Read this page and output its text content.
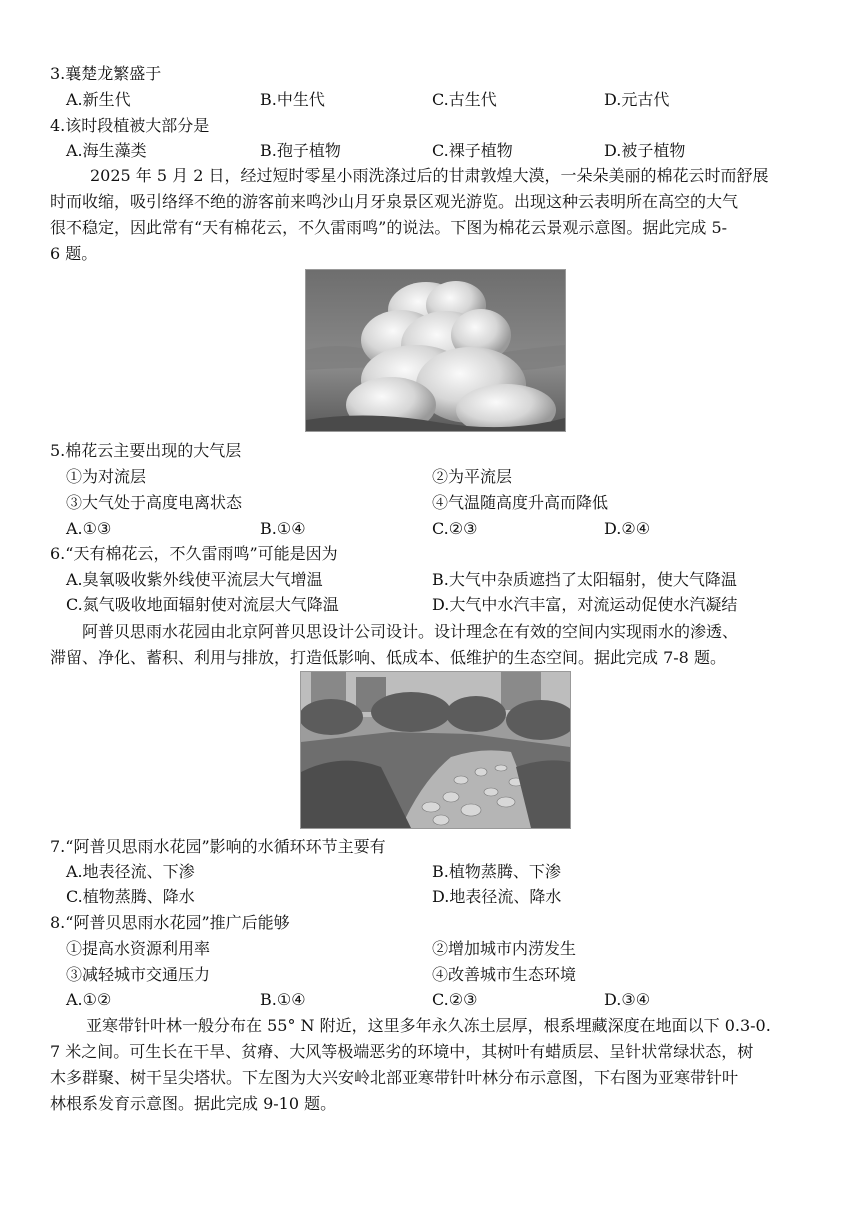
3.襄楚龙繁盛于
A.新生代	B.中生代	C.古生代	D.元古代
4.该时段植被大部分是
A.海生藻类	B.孢子植物	C.裸子植物	D.被子植物
2025 年 5 月 2 日，经过短时零星小雨洗涤过后的甘肃敦煌大漠，一朵朵美丽的棉花云时而舒展
时而收缩，吸引络绎不绝的游客前来鸣沙山月牙泉景区观光游览。出现这种云表明所在高空的大气
很不稳定，因此常有“天有棉花云，不久雷雨鸣”的说法。下图为棉花云景观示意图。据此完成 5-
6 题。
5.棉花云主要出现的大气层
①为对流层	②为平流层
③大气处于高度电离状态	④气温随高度升高而降低
A.①③	B.①④	C.②③	D.②④
6.“天有棉花云，不久雷雨鸣”可能是因为
A.臭氧吸收紫外线使平流层大气增温	B.大气中杂质遮挡了太阳辐射，使大气降温
C.氮气吸收地面辐射使对流层大气降温	D.大气中水汽丰富，对流运动促使水汽凝结
阿普贝思雨水花园由北京阿普贝思设计公司设计。设计理念在有效的空间内实现雨水的渗透、
滞留、净化、蓄积、利用与排放，打造低影响、低成本、低维护的生态空间。据此完成 7-8 题。
7.“阿普贝思雨水花园”影响的水循环环节主要有
A.地表径流、下渗	B.植物蒸腾、下渗
C.植物蒸腾、降水	D.地表径流、降水
8.“阿普贝思雨水花园”推广后能够
①提高水资源利用率	②增加城市内涝发生
③减轻城市交通压力	④改善城市生态环境
A.①②	B.①④	C.②③	D.③④
亚寒带针叶林一般分布在 55° N 附近，这里多年永久冻土层厚，根系埋藏深度在地面以下 0.3-0.
7 米之间。可生长在干旱、贫瘠、大风等极端恶劣的环境中，其树叶有蜡质层、呈针状常绿状态，树
木多群聚、树干呈尖塔状。下左图为大兴安岭北部亚寒带针叶林分布示意图，下右图为亚寒带针叶
林根系发育示意图。据此完成 9-10 题。
